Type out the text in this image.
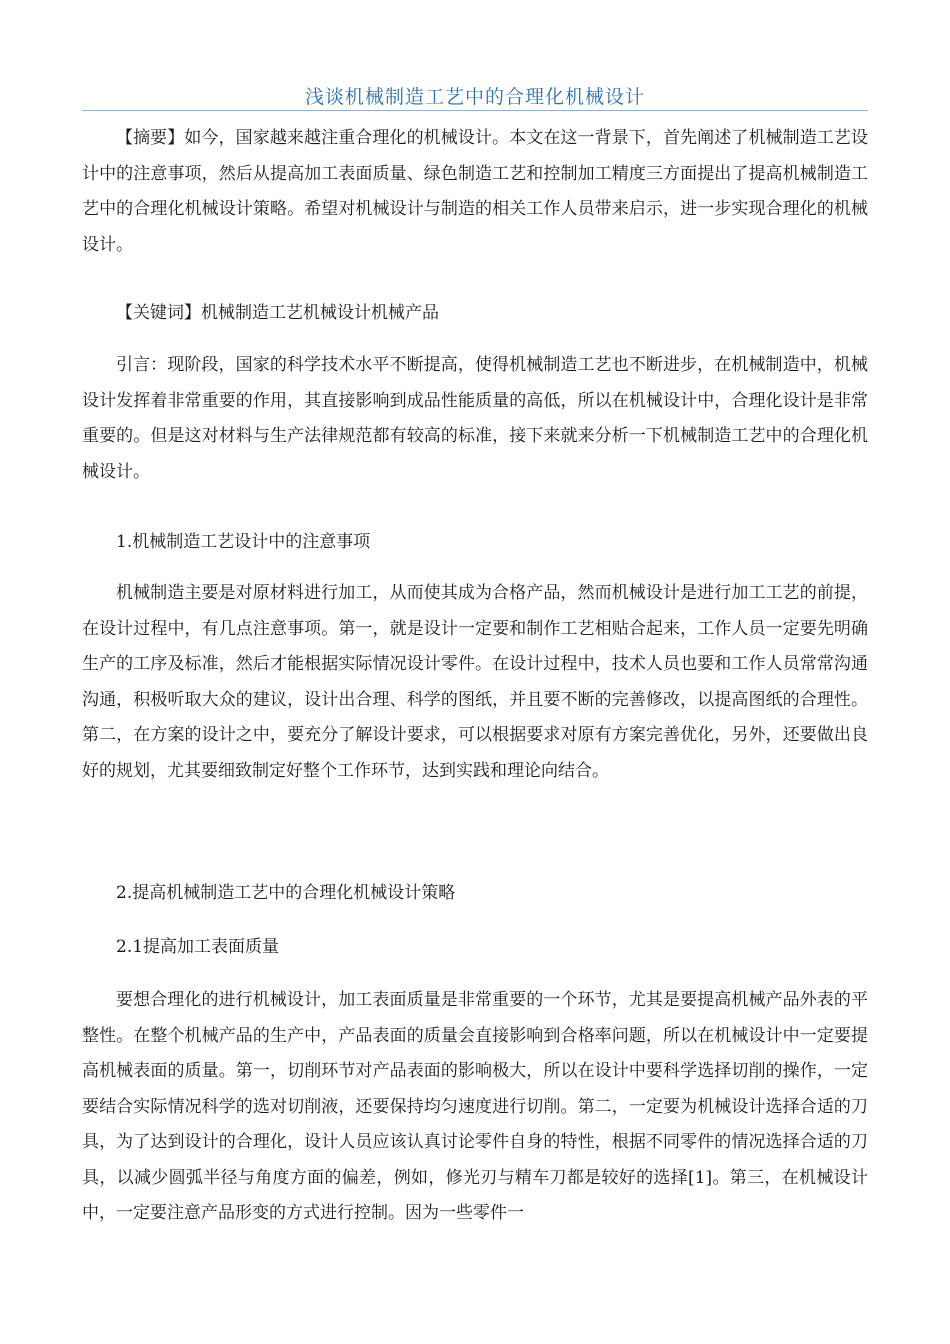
浅谈机械制造工艺中的合理化机械设计

【摘要】如今，国家越来越注重合理化的机械设计。本文在这一背景下，首先阐述了机械制造工艺设计中的注意事项，然后从提高加工表面质量、绿色制造工艺和控制加工精度三方面提出了提高机械制造工艺中的合理化机械设计策略。希望对机械设计与制造的相关工作人员带来启示，进一步实现合理化的机械设计。

【关键词】机械制造工艺机械设计机械产品

引言：现阶段，国家的科学技术水平不断提高，使得机械制造工艺也不断进步，在机械制造中，机械设计发挥着非常重要的作用，其直接影响到成品性能质量的高低，所以在机械设计中，合理化设计是非常重要的。但是这对材料与生产法律规范都有较高的标准，接下来就来分析一下机械制造工艺中的合理化机械设计。

1.机械制造工艺设计中的注意事项

机械制造主要是对原材料进行加工，从而使其成为合格产品，然而机械设计是进行加工工艺的前提，在设计过程中，有几点注意事项。第一，就是设计一定要和制作工艺相贴合起来，工作人员一定要先明确生产的工序及标准，然后才能根据实际情况设计零件。在设计过程中，技术人员也要和工作人员常常沟通沟通，积极听取大众的建议，设计出合理、科学的图纸，并且要不断的完善修改，以提高图纸的合理性。第二，在方案的设计之中，要充分了解设计要求，可以根据要求对原有方案完善优化，另外，还要做出良好的规划，尤其要细致制定好整个工作环节，达到实践和理论向结合。

2.提高机械制造工艺中的合理化机械设计策略

2.1提高加工表面质量

要想合理化的进行机械设计，加工表面质量是非常重要的一个环节，尤其是要提高机械产品外表的平整性。在整个机械产品的生产中，产品表面的质量会直接影响到合格率问题，所以在机械设计中一定要提高机械表面的质量。第一，切削环节对产品表面的影响极大，所以在设计中要科学选择切削的操作，一定要结合实际情况科学的选对切削液，还要保持均匀速度进行切削。第二，一定要为机械设计选择合适的刀具，为了达到设计的合理化，设计人员应该认真讨论零件自身的特性，根据不同零件的情况选择合适的刀具，以减少圆弧半径与角度方面的偏差，例如，修光刃与精车刀都是较好的选择[1]。第三，在机械设计中，一定要注意产品形变的方式进行控制。因为一些零件一
